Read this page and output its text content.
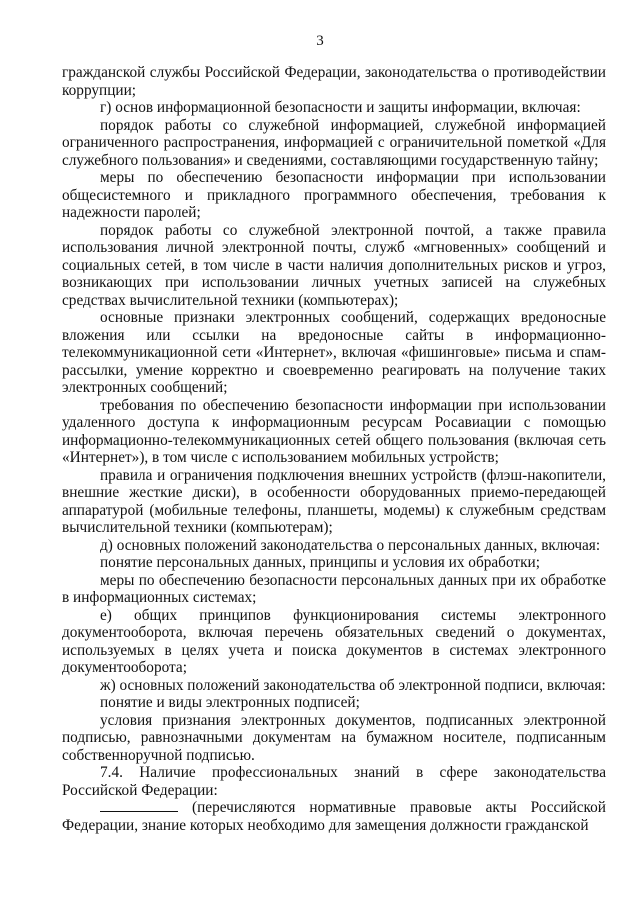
3

гражданской службы Российской Федерации, законодательства о противодействии коррупции;

г) основ информационной безопасности и защиты информации, включая:

порядок работы со служебной информацией, служебной информацией ограниченного распространения, информацией с ограничительной пометкой «Для служебного пользования» и сведениями, составляющими государственную тайну;

меры по обеспечению безопасности информации при использовании общесистемного и прикладного программного обеспечения, требования к надежности паролей;

порядок работы со служебной электронной почтой, а также правила использования личной электронной почты, служб «мгновенных» сообщений и социальных сетей, в том числе в части наличия дополнительных рисков и угроз, возникающих при использовании личных учетных записей на служебных средствах вычислительной техники (компьютерах);

основные признаки электронных сообщений, содержащих вредоносные вложения или ссылки на вредоносные сайты в информационно-телекоммуникационной сети «Интернет», включая «фишинговые» письма и спам-рассылки, умение корректно и своевременно реагировать на получение таких электронных сообщений;

требования по обеспечению безопасности информации при использовании удаленного доступа к информационным ресурсам Росавиации с помощью информационно-телекоммуникационных сетей общего пользования (включая сеть «Интернет»), в том числе с использованием мобильных устройств;

правила и ограничения подключения внешних устройств (флэш-накопители, внешние жесткие диски), в особенности оборудованных приемо-передающей аппаратурой (мобильные телефоны, планшеты, модемы) к служебным средствам вычислительной техники (компьютерам);

д) основных положений законодательства о персональных данных, включая:

понятие персональных данных, принципы и условия их обработки;

меры по обеспечению безопасности персональных данных при их обработке в информационных системах;

е) общих принципов функционирования системы электронного документооборота, включая перечень обязательных сведений о документах, используемых в целях учета и поиска документов в системах электронного документооборота;

ж) основных положений законодательства об электронной подписи, включая:

понятие и виды электронных подписей;

условия признания электронных документов, подписанных электронной подписью, равнозначными документам на бумажном носителе, подписанным собственноручной подписью.

7.4. Наличие профессиональных знаний в сфере законодательства Российской Федерации:

(перечисляются нормативные правовые акты Российской Федерации, знание которых необходимо для замещения должности гражданской
